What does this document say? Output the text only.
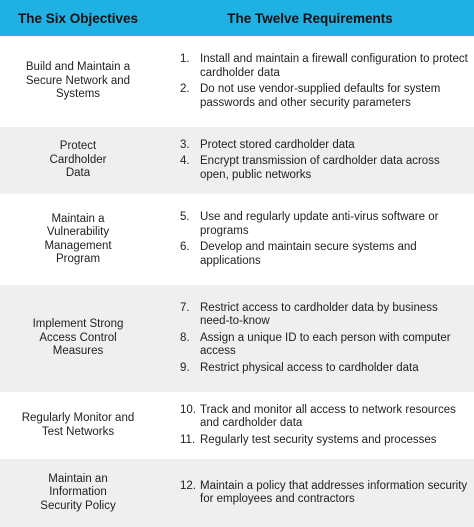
The Six Objectives	The Twelve Requirements
Build and Maintain a Secure Network and Systems
1. Install and maintain a firewall configuration to protect cardholder data
2. Do not use vendor-supplied defaults for system passwords and other security parameters
Protect Cardholder Data
3. Protect stored cardholder data
4. Encrypt transmission of cardholder data across open, public networks
Maintain a Vulnerability Management Program
5. Use and regularly update anti-virus software or programs
6. Develop and maintain secure systems and applications
Implement Strong Access Control Measures
7. Restrict access to cardholder data by business need-to-know
8. Assign a unique ID to each person with computer access
9. Restrict physical access to cardholder data
Regularly Monitor and Test Networks
10. Track and monitor all access to network resources and cardholder data
11. Regularly test security systems and processes
Maintain an Information Security Policy
12. Maintain a policy that addresses information security for employees and contractors
